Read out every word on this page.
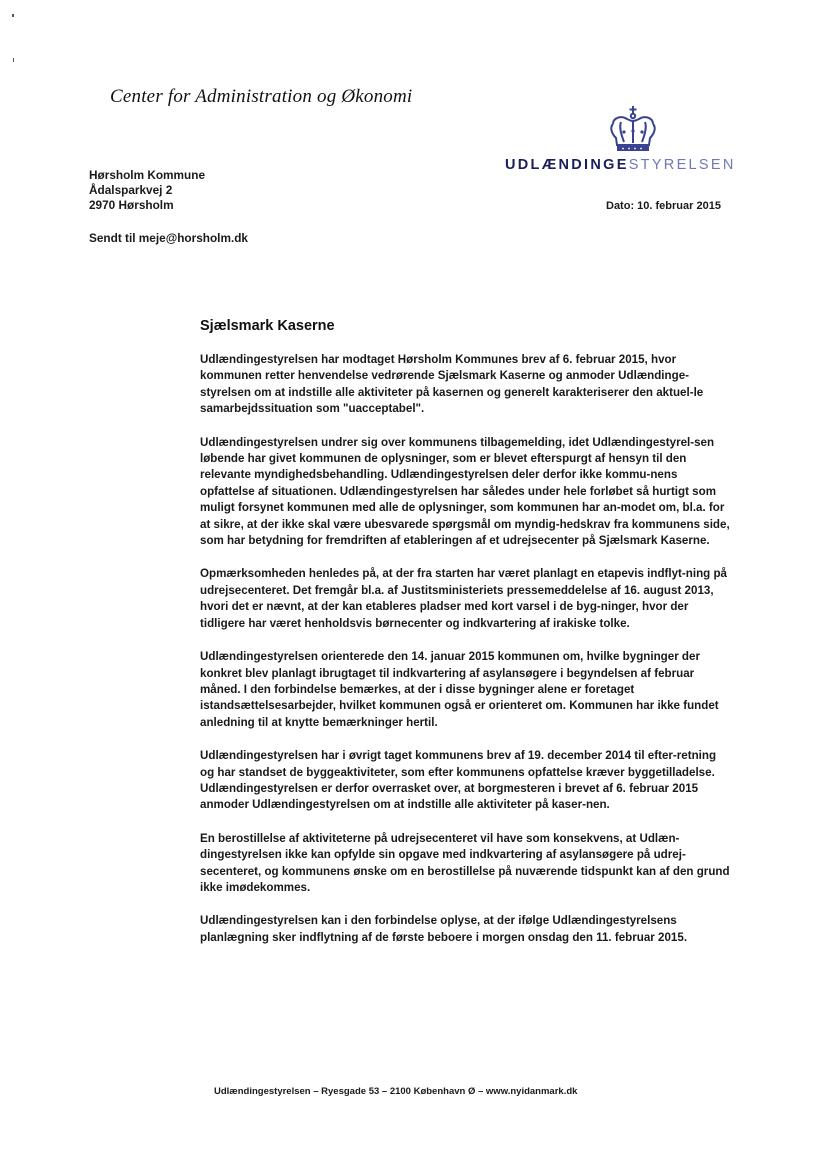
Center for Administration og Økonomi
UDLÆNDINGESTYRELSEN
Hørsholm Kommune
Ådalsparkvej 2
2970 Hørsholm	Dato: 10. februar 2015
Sendt til meje@horsholm.dk
Sjælsmark Kaserne

Udlændingestyrelsen har modtaget Hørsholm Kommunes brev af 6. februar 2015, hvor kommunen retter henvendelse vedrørende Sjælsmark Kaserne og anmoder Udlændinge-styrelsen om at indstille alle aktiviteter på kasernen og generelt karakteriserer den aktuel-le samarbejdssituation som "uacceptabel".

Udlændingestyrelsen undrer sig over kommunens tilbagemelding, idet Udlændingestyrel-sen løbende har givet kommunen de oplysninger, som er blevet efterspurgt af hensyn til den relevante myndighedsbehandling. Udlændingestyrelsen deler derfor ikke kommu-nens opfattelse af situationen. Udlændingestyrelsen har således under hele forløbet så hurtigt som muligt forsynet kommunen med alle de oplysninger, som kommunen har an-modet om, bl.a. for at sikre, at der ikke skal være ubesvarede spørgsmål om myndig-hedskrav fra kommunens side, som har betydning for fremdriften af etableringen af et udrejsecenter på Sjælsmark Kaserne.

Opmærksomheden henledes på, at der fra starten har været planlagt en etapevis indflyt-ning på udrejsecenteret. Det fremgår bl.a. af Justitsministeriets pressemeddelelse af 16. august 2013, hvori det er nævnt, at der kan etableres pladser med kort varsel i de byg-ninger, hvor der tidligere har været henholdsvis børnecenter og indkvartering af irakiske tolke.

Udlændingestyrelsen orienterede den 14. januar 2015 kommunen om, hvilke bygninger der konkret blev planlagt ibrugtaget til indkvartering af asylansøgere i begyndelsen af februar måned. I den forbindelse bemærkes, at der i disse bygninger alene er foretaget istandsættelsesarbejder, hvilket kommunen også er orienteret om. Kommunen har ikke fundet anledning til at knytte bemærkninger hertil.

Udlændingestyrelsen har i øvrigt taget kommunens brev af 19. december 2014 til efter-retning og har standset de byggeaktiviteter, som efter kommunens opfattelse kræver byggetilladelse. Udlændingestyrelsen er derfor overrasket over, at borgmesteren i brevet af 6. februar 2015 anmoder Udlændingestyrelsen om at indstille alle aktiviteter på kaser-nen.

En berostillelse af aktiviteterne på udrejsecenteret vil have som konsekvens, at Udlæn-dingestyrelsen ikke kan opfylde sin opgave med indkvartering af asylansøgere på udrej-secenteret, og kommunens ønske om en berostillelse på nuværende tidspunkt kan af den grund ikke imødekommes.

Udlændingestyrelsen kan i den forbindelse oplyse, at der ifølge Udlændingestyrelsens planlægning sker indflytning af de første beboere i morgen onsdag den 11. februar 2015.

Udlændingestyrelsen – Ryesgade 53 – 2100 København Ø – www.nyidanmark.dk
